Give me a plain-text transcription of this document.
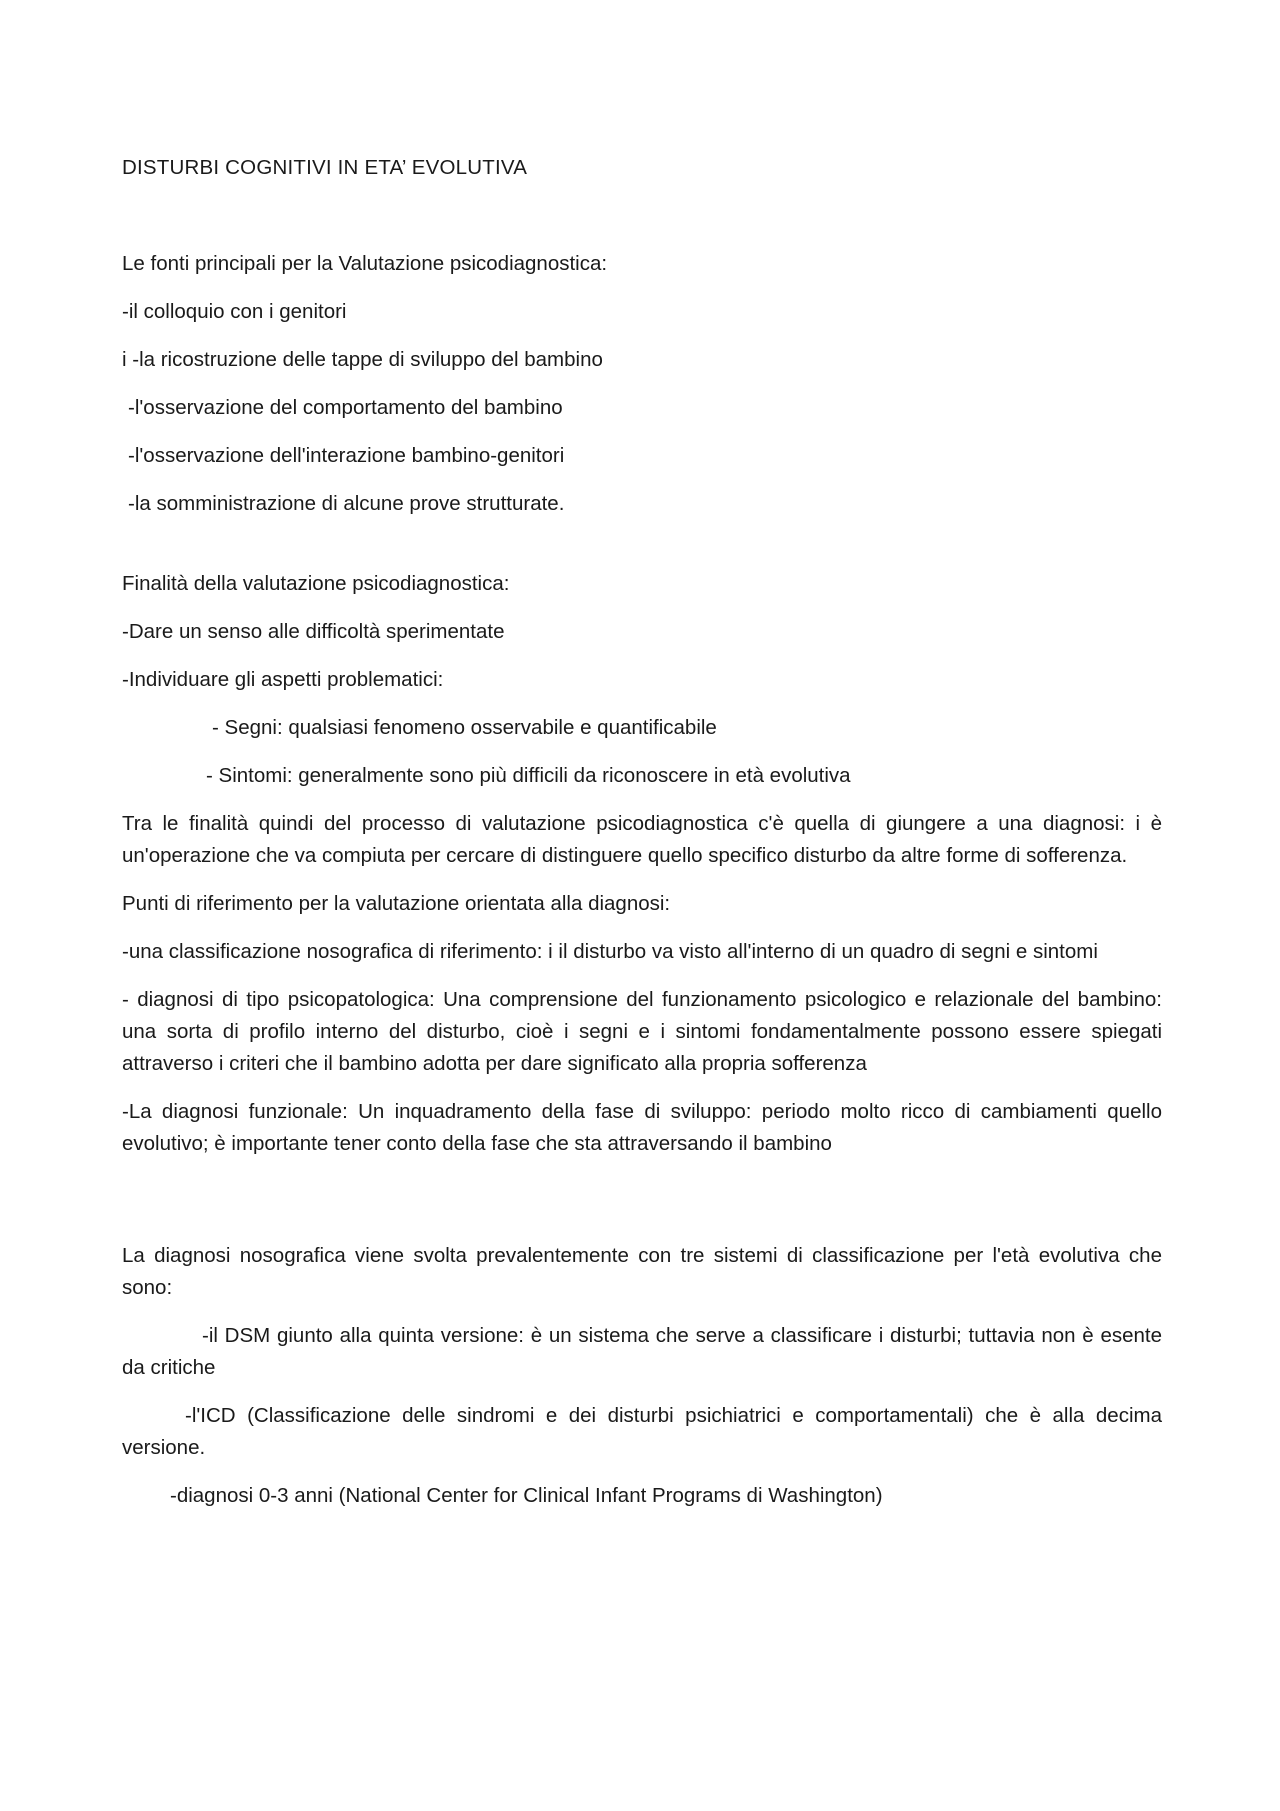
DISTURBI COGNITIVI IN ETA’ EVOLUTIVA

Le fonti principali per la Valutazione psicodiagnostica:

-il colloquio con i genitori

i -la ricostruzione delle tappe di sviluppo del bambino

-l'osservazione del comportamento del bambino

-l'osservazione dell'interazione bambino-genitori

-la somministrazione di alcune prove strutturate.

Finalità della valutazione psicodiagnostica:

-Dare un senso alle difficoltà sperimentate

-Individuare gli aspetti problematici:

- Segni: qualsiasi fenomeno osservabile e quantificabile

- Sintomi: generalmente sono più difficili da riconoscere in età evolutiva

Tra le finalità quindi del processo di valutazione psicodiagnostica c'è quella di giungere a una diagnosi: i è un'operazione che va compiuta per cercare di distinguere quello specifico disturbo da altre forme di sofferenza.

Punti di riferimento per la valutazione orientata alla diagnosi:

-una classificazione nosografica di riferimento: i il disturbo va visto all'interno di un quadro di segni e sintomi

- diagnosi di tipo psicopatologica: Una comprensione del funzionamento psicologico e relazionale del bambino: una sorta di profilo interno del disturbo, cioè i segni e i sintomi fondamentalmente possono essere spiegati attraverso i criteri che il bambino adotta per dare significato alla propria sofferenza

-La diagnosi funzionale: Un inquadramento della fase di sviluppo: periodo molto ricco di cambiamenti quello evolutivo; è importante tener conto della fase che sta attraversando il bambino

La diagnosi nosografica viene svolta prevalentemente con tre sistemi di classificazione per l'età evolutiva che sono:

-il DSM giunto alla quinta versione: è un sistema che serve a classificare i disturbi; tuttavia non è esente da critiche

-l'ICD (Classificazione delle sindromi e dei disturbi psichiatrici e comportamentali) che è alla decima versione.

-diagnosi 0-3 anni (National Center for Clinical Infant Programs di Washington)
